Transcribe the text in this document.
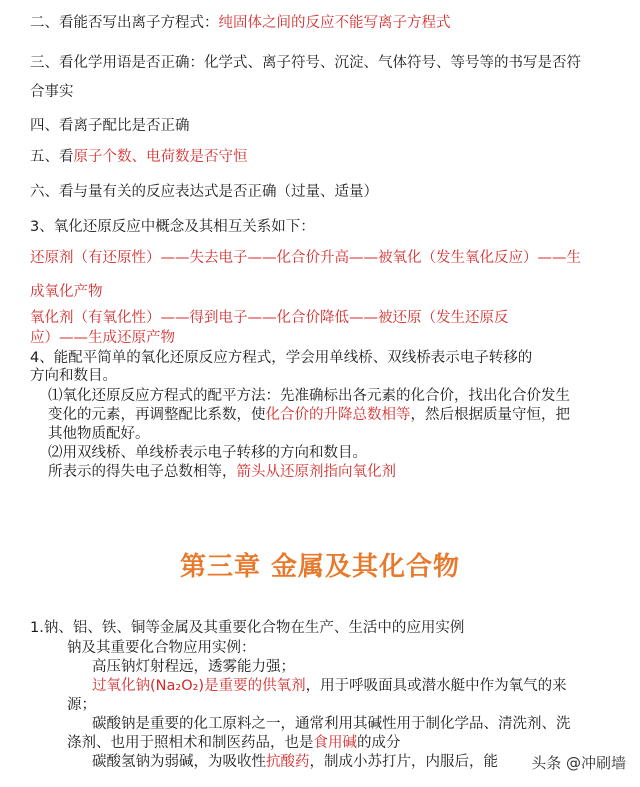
第三章 金属及其化合物
二、看能否写出离子方程式：纯固体之间的反应不能写离子方程式
三、看化学用语是否正确：化学式、离子符号、沉淀、气体符号、等号等的书写是否符
合事实
四、看离子配比是否正确
五、看原子个数、电荷数是否守恒
六、看与量有关的反应表达式是否正确（过量、适量）
3、氧化还原反应中概念及其相互关系如下：
还原剂（有还原性）——失去电子——化合价升高——被氧化（发生氧化反应）——生
成氧化产物
氧化剂（有氧化性）——得到电子——化合价降低——被还原（发生还原反
应）——生成还原产物
4、能配平简单的氧化还原反应方程式，学会用单线桥、双线桥表示电子转移的
方向和数目。
⑴氧化还原反应方程式的配平方法：先准确标出各元素的化合价，找出化合价发生
变化的元素，再调整配比系数，使化合价的升降总数相等，然后根据质量守恒，把
其他物质配好。
⑵用双线桥、单线桥表示电子转移的方向和数目。
所表示的得失电子总数相等，箭头从还原剂指向氧化剂
1.钠、铝、铁、铜等金属及其重要化合物在生产、生活中的应用实例
钠及其重要化合物应用实例：
高压钠灯射程远，透雾能力强；
过氧化钠(Na₂O₂)是重要的供氧剂，用于呼吸面具或潜水艇中作为氧气的来
源；
碳酸钠是重要的化工原料之一，通常利用其碱性用于制化学品、清洗剂、洗
涤剂、也用于照相术和制医药品，也是食用碱的成分
碳酸氢钠为弱碱，为吸收性抗酸药，制成小苏打片，内服后，能 头条 @冲刷墙
